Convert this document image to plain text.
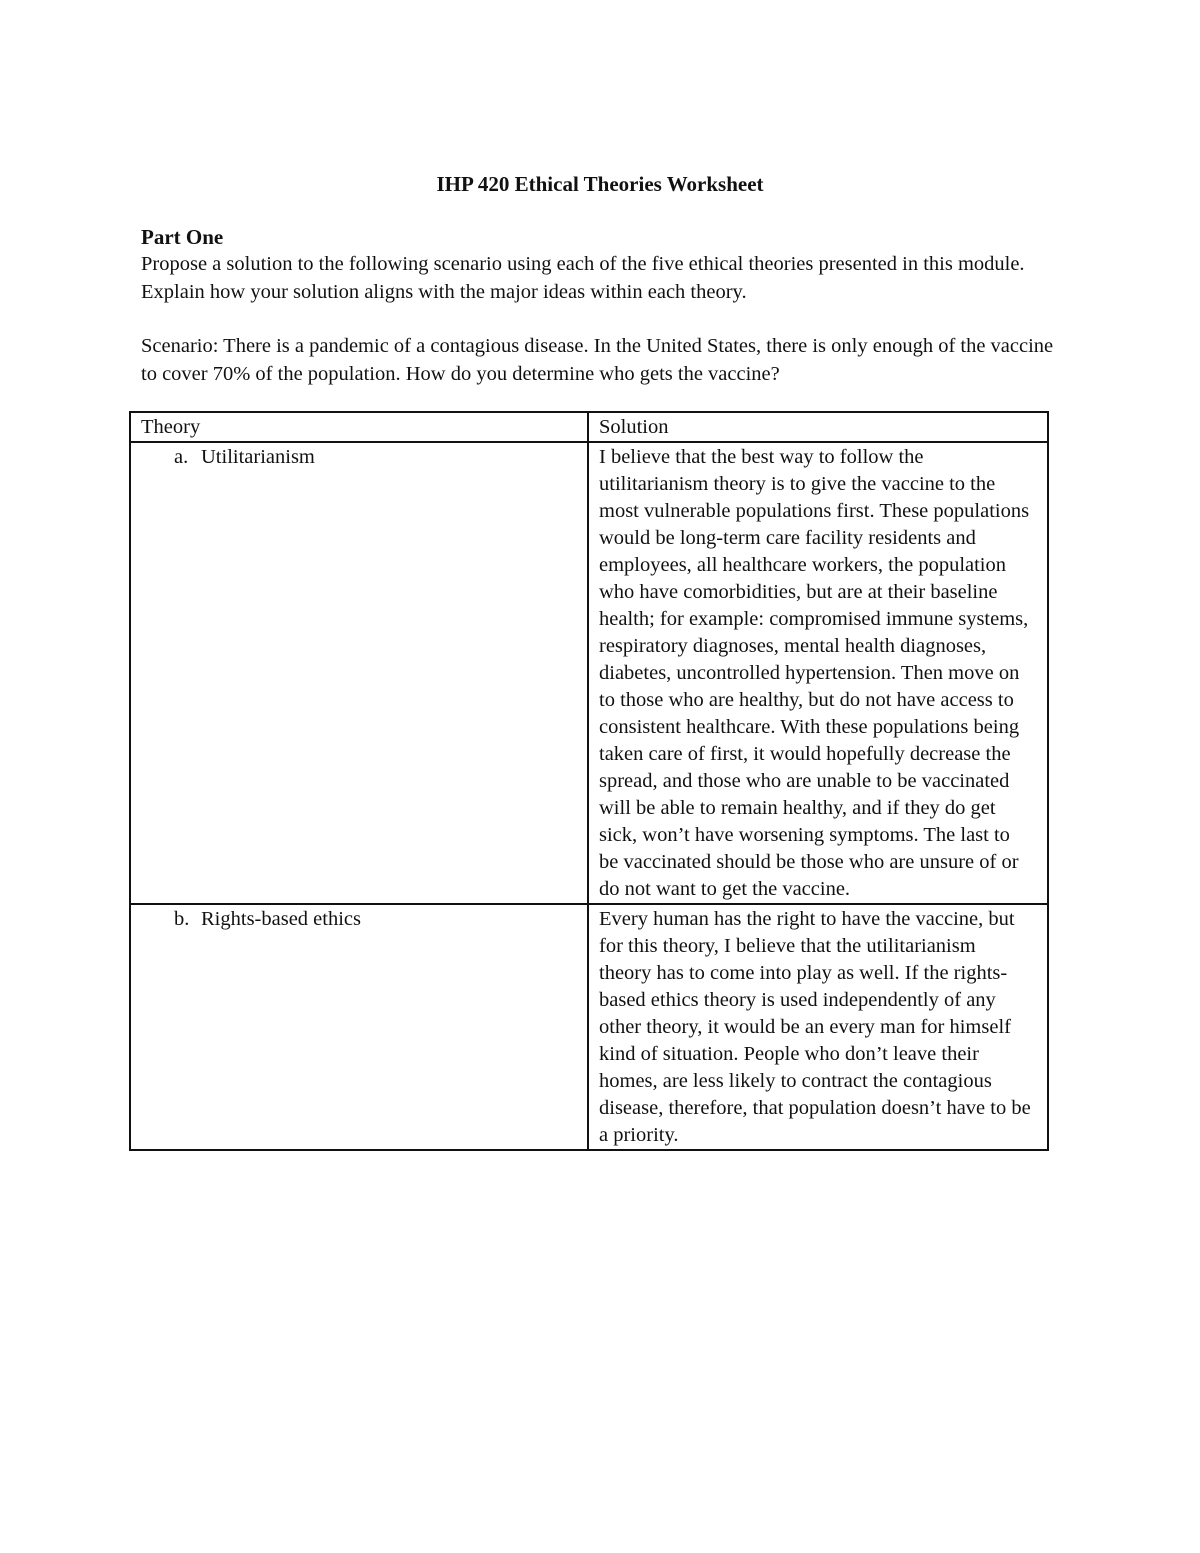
IHP 420 Ethical Theories Worksheet
Part One
Propose a solution to the following scenario using each of the five ethical theories presented in this module. Explain how your solution aligns with the major ideas within each theory.
Scenario: There is a pandemic of a contagious disease. In the United States, there is only enough of the vaccine to cover 70% of the population. How do you determine who gets the vaccine?
Theory	Solution

a. Utilitarianism	I believe that the best way to follow the utilitarianism theory is to give the vaccine to the most vulnerable populations first. These populations would be long-term care facility residents and employees, all healthcare workers, the population who have comorbidities, but are at their baseline health; for example: compromised immune systems, respiratory diagnoses, mental health diagnoses, diabetes, uncontrolled hypertension. Then move on to those who are healthy, but do not have access to consistent healthcare. With these populations being taken care of first, it would hopefully decrease the spread, and those who are unable to be vaccinated will be able to remain healthy, and if they do get sick, won’t have worsening symptoms. The last to be vaccinated should be those who are unsure of or do not want to get the vaccine.

b. Rights-based ethics	Every human has the right to have the vaccine, but for this theory, I believe that the utilitarianism theory has to come into play as well. If the rights-based ethics theory is used independently of any other theory, it would be an every man for himself kind of situation. People who don’t leave their homes, are less likely to contract the contagious disease, therefore, that population doesn’t have to be a priority.
